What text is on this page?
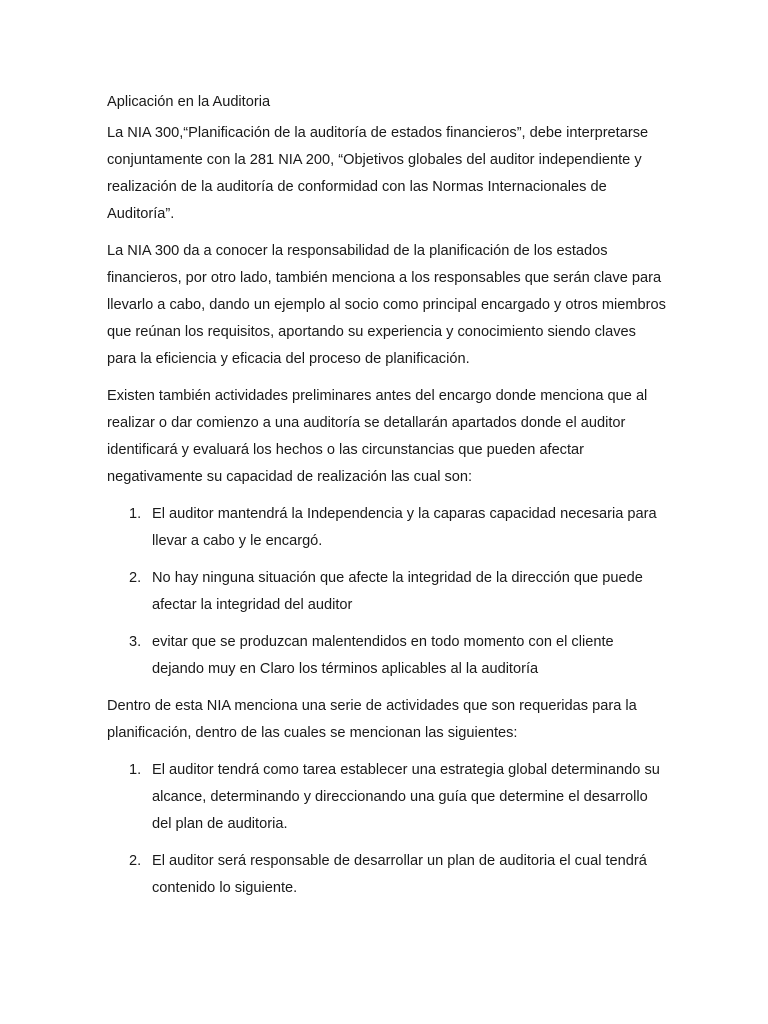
Aplicación en la Auditoria

La NIA 300,“Planificación de la auditoría de estados financieros”, debe interpretarse conjuntamente con la 281 NIA 200, “Objetivos globales del auditor independiente y realización de la auditoría de conformidad con las Normas Internacionales de Auditoría”.

La NIA 300 da a conocer la responsabilidad de la planificación de los estados financieros, por otro lado, también menciona a los responsables que serán clave para llevarlo a cabo, dando un ejemplo al socio como principal encargado y otros miembros que reúnan los requisitos, aportando su experiencia y conocimiento siendo claves para la eficiencia y eficacia del proceso de planificación.

Existen también actividades preliminares antes del encargo donde menciona que al realizar o dar comienzo a una auditoría se detallarán apartados donde el auditor identificará y evaluará los hechos o las circunstancias que pueden afectar negativamente su capacidad de realización las cual son:

1. El auditor mantendrá la Independencia y la caparas capacidad necesaria para llevar a cabo y le encargó.
2. No hay ninguna situación que afecte la integridad de la dirección que puede afectar la integridad del auditor
3. evitar que se produzcan malentendidos en todo momento con el cliente dejando muy en Claro los términos aplicables al la auditoría

Dentro de esta NIA menciona una serie de actividades que son requeridas para la planificación, dentro de las cuales se mencionan las siguientes:

1. El auditor tendrá como tarea establecer una estrategia global determinando su alcance, determinando y direccionando una guía que determine el desarrollo del plan de auditoria.
2. El auditor será responsable de desarrollar un plan de auditoria el cual tendrá contenido lo siguiente.
